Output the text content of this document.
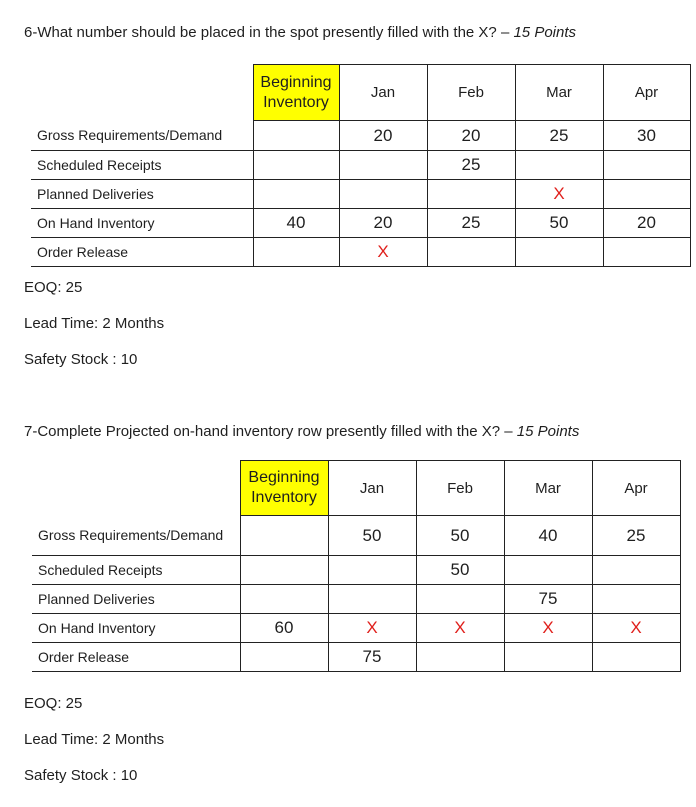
6-What number should be placed in the spot presently filled with the X? – 15 Points
	Beginning Inventory	Jan	Feb	Mar	Apr
Gross Requirements/Demand		20	20	25	30
Scheduled Receipts			25		
Planned Deliveries				X	
On Hand Inventory	40	20	25	50	20
Order Release		X			
EOQ: 25
Lead Time: 2 Months
Safety Stock : 10
7-Complete Projected on-hand inventory row presently filled with the X? – 15 Points
	Beginning Inventory	Jan	Feb	Mar	Apr
Gross Requirements/Demand		50	50	40	25
Scheduled Receipts			50		
Planned Deliveries				75	
On Hand Inventory	60	X	X	X	X
Order Release		75			
EOQ: 25
Lead Time: 2 Months
Safety Stock : 10
